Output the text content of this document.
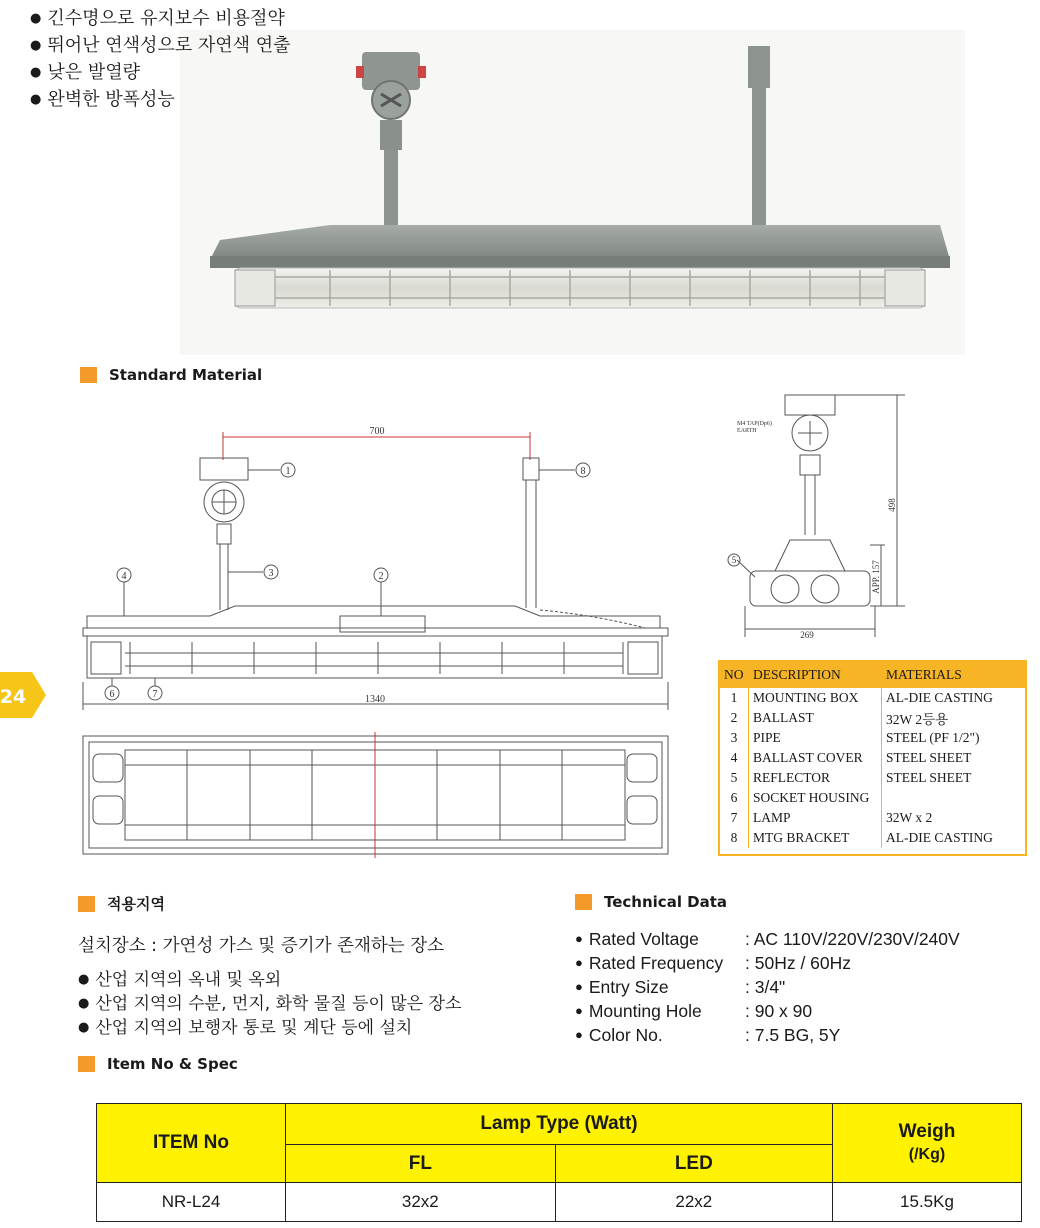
● 긴수명으로 유지보수 비용절약
● 뛰어난 연색성으로 자연색 연출
● 낮은 발열량
● 완벽한 방폭성능
Standard Material
24
700
1340
1	8
3
4	2
6	7
5
M4 TAP(Dp6)
EARTH
498
APP. 157
269
NO	DESCRIPTION	MATERIALS
1	MOUNTING BOX	AL-DIE CASTING
2	BALLAST	32W 2등용
3	PIPE	STEEL (PF 1/2")
4	BALLAST COVER	STEEL SHEET
5	REFLECTOR	STEEL SHEET
6	SOCKET HOUSING	
7	LAMP	32W x 2
8	MTG BRACKET	AL-DIE CASTING
적용지역
설치장소 : 가연성 가스 및 증기가 존재하는 장소
● 산업 지역의 옥내 및 옥외
● 산업 지역의 수분, 먼지, 화학 물질 등이 많은 장소
● 산업 지역의 보행자 통로 및 계단 등에 설치
Technical Data
● Rated Voltage	: AC 110V/220V/230V/240V
● Rated Frequency	: 50Hz / 60Hz
● Entry Size	: 3/4"
● Mounting Hole	: 90 x 90
● Color No.	: 7.5 BG, 5Y
Item No & Spec
ITEM No	Lamp Type (Watt)		Weigh
(/Kg)
	FL	LED	
NR-L24	32x2	22x2	15.5Kg
